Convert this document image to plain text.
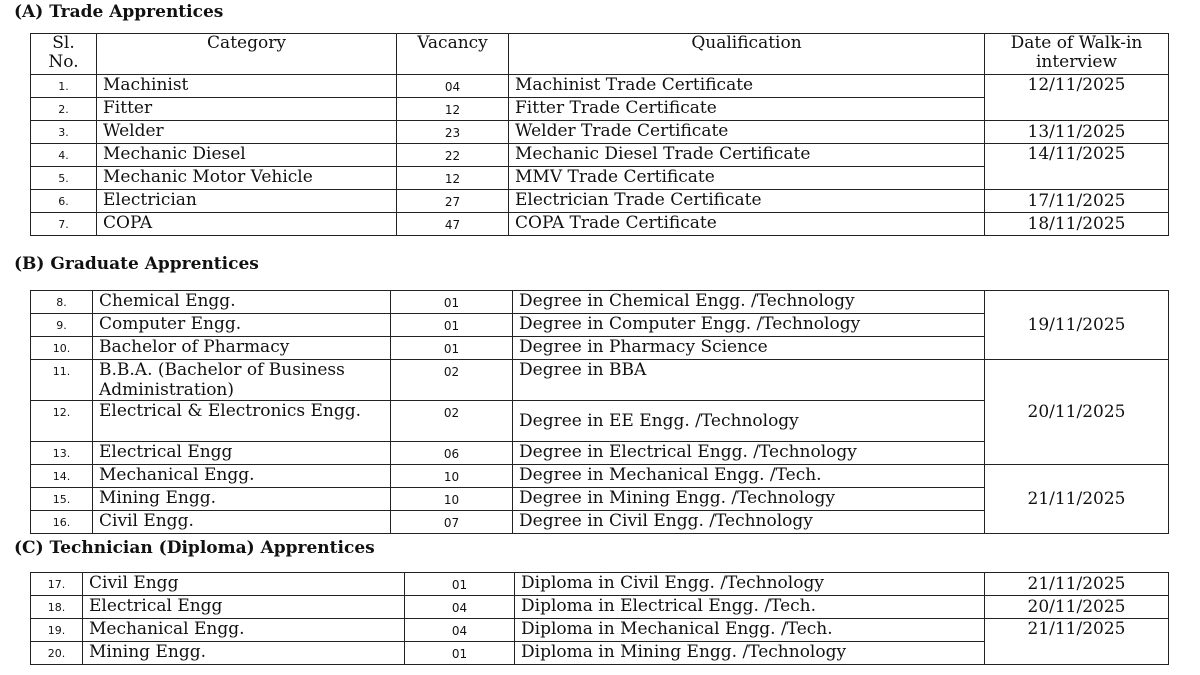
(A) Trade Apprentices
Sl. No.	Category	Vacancy	Qualification	Date of Walk-in interview
1.	Machinist	04	Machinist Trade Certificate	12/11/2025
2.	Fitter	12	Fitter Trade Certificate	
3.	Welder	23	Welder Trade Certificate	13/11/2025
4.	Mechanic Diesel	22	Mechanic Diesel Trade Certificate	14/11/2025
5.	Mechanic Motor Vehicle	12	MMV Trade Certificate	
6.	Electrician	27	Electrician Trade Certificate	17/11/2025
7.	COPA	47	COPA Trade Certificate	18/11/2025
(B) Graduate Apprentices
8.	Chemical Engg.	01	Degree in Chemical Engg. /Technology	19/11/2025
9.	Computer Engg.	01	Degree in Computer Engg. /Technology	
10.	Bachelor of Pharmacy	01	Degree in Pharmacy Science	
11.	B.B.A. (Bachelor of Business Administration)	02	Degree in BBA	20/11/2025
12.	Electrical & Electronics Engg.	02	Degree in EE Engg. /Technology	
13.	Electrical Engg	06	Degree in Electrical Engg. /Technology	
14.	Mechanical Engg.	10	Degree in Mechanical Engg. /Tech.	21/11/2025
15.	Mining Engg.	10	Degree in Mining Engg. /Technology	
16.	Civil Engg.	07	Degree in Civil Engg. /Technology	
(C) Technician (Diploma) Apprentices
17.	Civil Engg	01	Diploma in Civil Engg. /Technology	21/11/2025
18.	Electrical Engg	04	Diploma in Electrical Engg. /Tech.	20/11/2025
19.	Mechanical Engg.	04	Diploma in Mechanical Engg. /Tech.	21/11/2025
20.	Mining Engg.	01	Diploma in Mining Engg. /Technology	
